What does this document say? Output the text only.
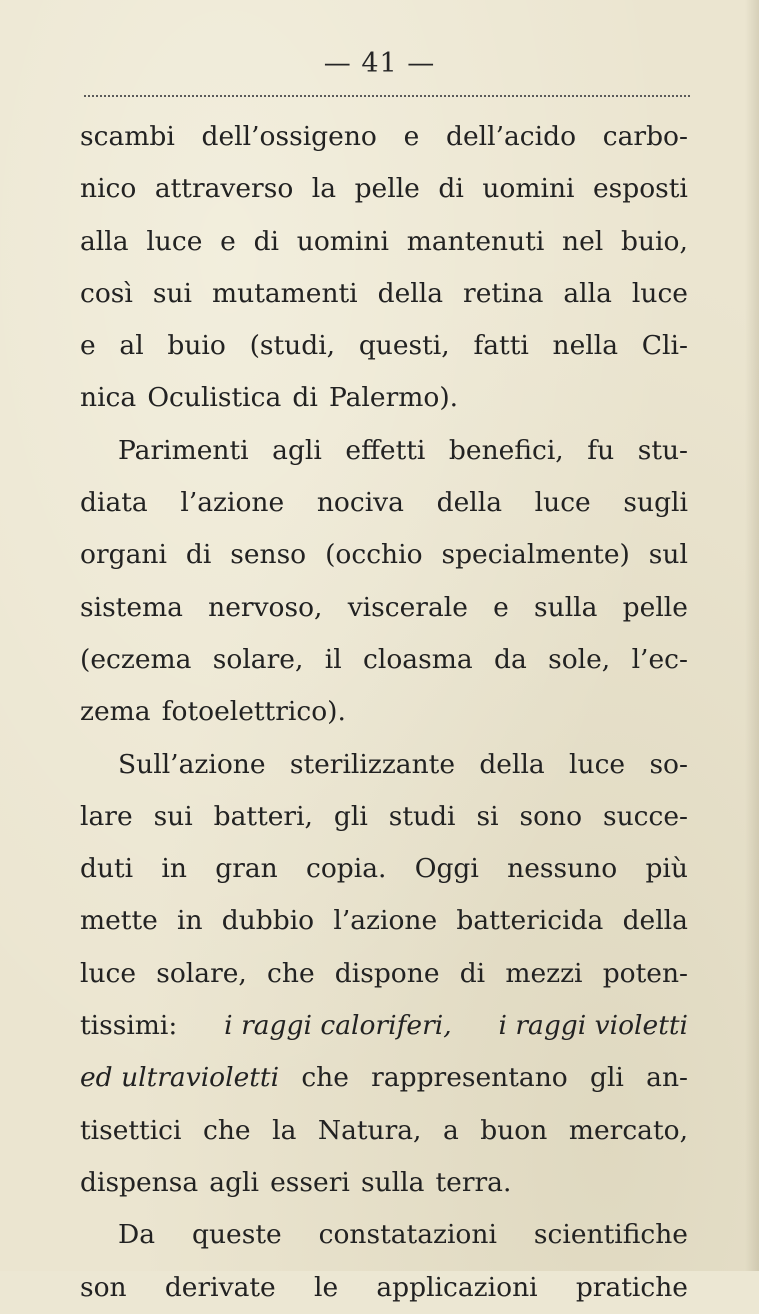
— 41 —

scambi dell’ossigeno e dell’acido carbo-
nico attraverso la pelle di uomini esposti
alla luce e di uomini mantenuti nel buio,
così sui mutamenti della retina alla luce
e al buio (studi, questi, fatti nella Cli-
nica Oculistica di Palermo).
Parimenti agli effetti benefici, fu stu-
diata l’azione nociva della luce sugli
organi di senso (occhio specialmente) sul
sistema nervoso, viscerale e sulla pelle
(eczema solare, il cloasma da sole, l’ec-
zema fotoelettrico).
Sull’azione sterilizzante della luce so-
lare sui batteri, gli studi si sono succe-
duti in gran copia. Oggi nessuno più
mette in dubbio l’azione battericida della
luce solare, che dispone di mezzi poten-
tissimi: i raggi caloriferi, i raggi violetti
ed ultravioletti che rappresentano gli an-
tisettici che la Natura, a buon mercato,
dispensa agli esseri sulla terra.
Da queste constatazioni scientifiche
son derivate le applicazioni pratiche
